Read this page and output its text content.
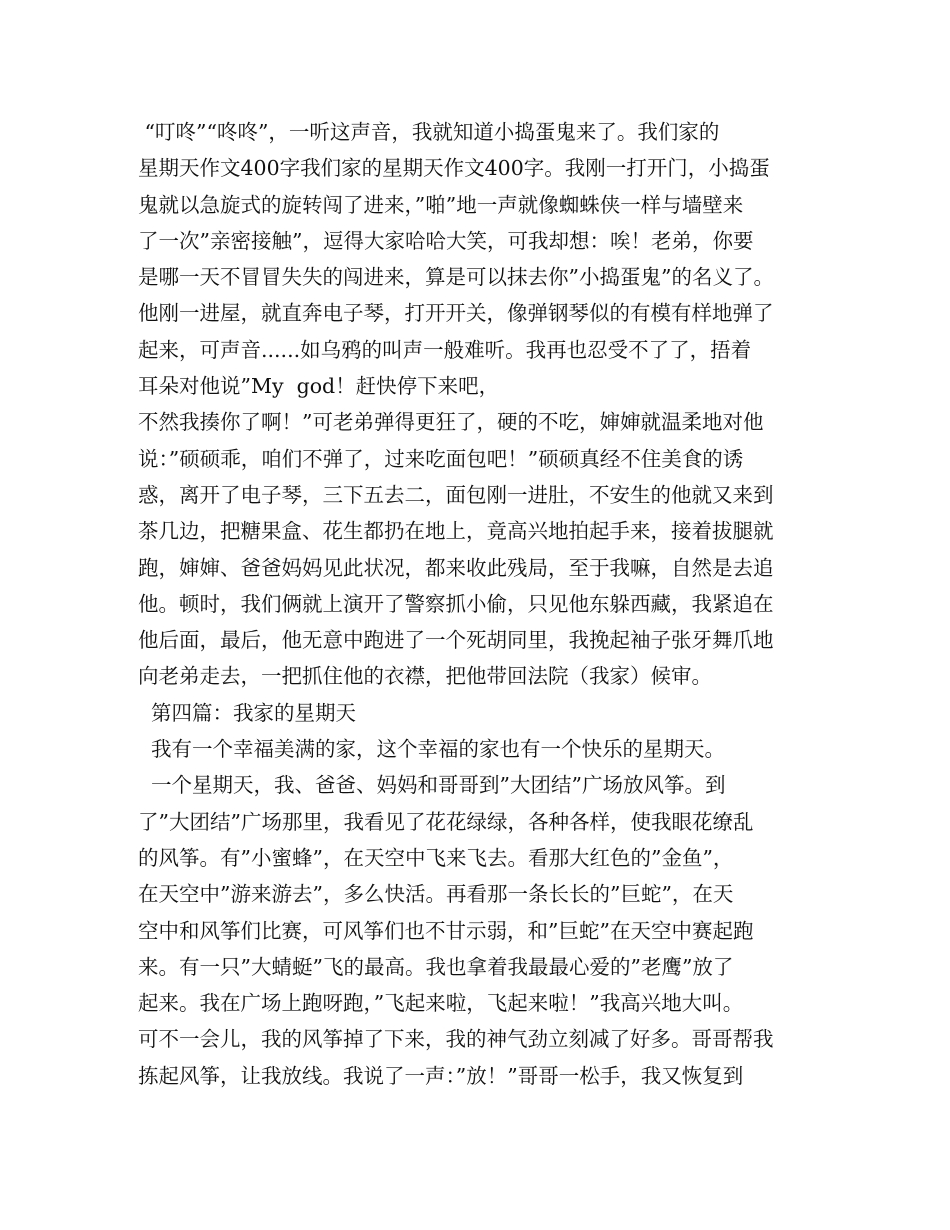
“叮咚”“咚咚”，一听这声音，我就知道小捣蛋鬼来了。我们家的
星期天作文400字我们家的星期天作文400字。我刚一打开门，小捣蛋
鬼就以急旋式的旋转闯了进来，”啪”地一声就像蜘蛛侠一样与墙壁来
了一次”亲密接触”，逗得大家哈哈大笑，可我却想：唉！老弟，你要
是哪一天不冒冒失失的闯进来，算是可以抹去你”小捣蛋鬼”的名义了。
他刚一进屋，就直奔电子琴，打开开关，像弹钢琴似的有模有样地弹了
起来，可声音......如乌鸦的叫声一般难听。我再也忍受不了了，捂着
耳朵对他说”My  god！赶快停下来吧，
不然我揍你了啊！”可老弟弹得更狂了，硬的不吃，婶婶就温柔地对他
说：”硕硕乖，咱们不弹了，过来吃面包吧！”硕硕真经不住美食的诱
惑，离开了电子琴，三下五去二，面包刚一进肚，不安生的他就又来到
茶几边，把糖果盒、花生都扔在地上，竟高兴地拍起手来，接着拔腿就
跑，婶婶、爸爸妈妈见此状况，都来收此残局，至于我嘛，自然是去追
他。顿时，我们俩就上演开了警察抓小偷，只见他东躲西藏，我紧追在
他后面，最后，他无意中跑进了一个死胡同里，我挽起袖子张牙舞爪地
向老弟走去，一把抓住他的衣襟，把他带回法院（我家）候审。
第四篇：我家的星期天
我有一个幸福美满的家，这个幸福的家也有一个快乐的星期天。
一个星期天，我、爸爸、妈妈和哥哥到”大团结”广场放风筝。到
了”大团结”广场那里，我看见了花花绿绿，各种各样，使我眼花缭乱
的风筝。有”小蜜蜂”，在天空中飞来飞去。看那大红色的”金鱼”，
在天空中”游来游去”，多么快活。再看那一条长长的”巨蛇”，在天
空中和风筝们比赛，可风筝们也不甘示弱，和”巨蛇”在天空中赛起跑
来。有一只”大蜻蜓”飞的最高。我也拿着我最最心爱的”老鹰”放了
起来。我在广场上跑呀跑，”飞起来啦，飞起来啦！”我高兴地大叫。
可不一会儿，我的风筝掉了下来，我的神气劲立刻减了好多。哥哥帮我
拣起风筝，让我放线。我说了一声：”放！”哥哥一松手，我又恢复到
